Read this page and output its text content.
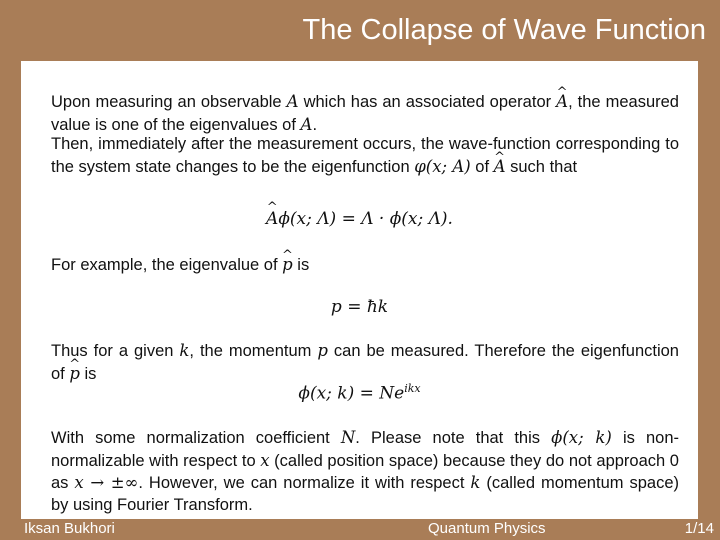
The Collapse of Wave Function
Upon measuring an observable A which has an associated operator ^ A, the measured value is one of the eigenvalues of A.
Then, immediately after the measurement occurs, the wave-function corresponding to the system state changes to be the eigenfunction φ(x; A) of ^ A such that
^ Aϕ(x; Λ) = Λ · ϕ(x; Λ).
For example, the eigenvalue of ^ p is
p = ħk
Thus for a given k, the momentum p can be measured. Therefore the eigenfunction of ^ p is
ϕ(x; $k) = Ne^{ikx}$
With some normalization coefficient N. Please note that this ϕ(x; k) is non-normalizable with respect to x (called position space) because they do not approach 0 as x → ±∞. However, we can normalize it with respect k (called momentum space) by using Fourier Transform.
Iksan Bukhori	Quantum Physics	1/14
